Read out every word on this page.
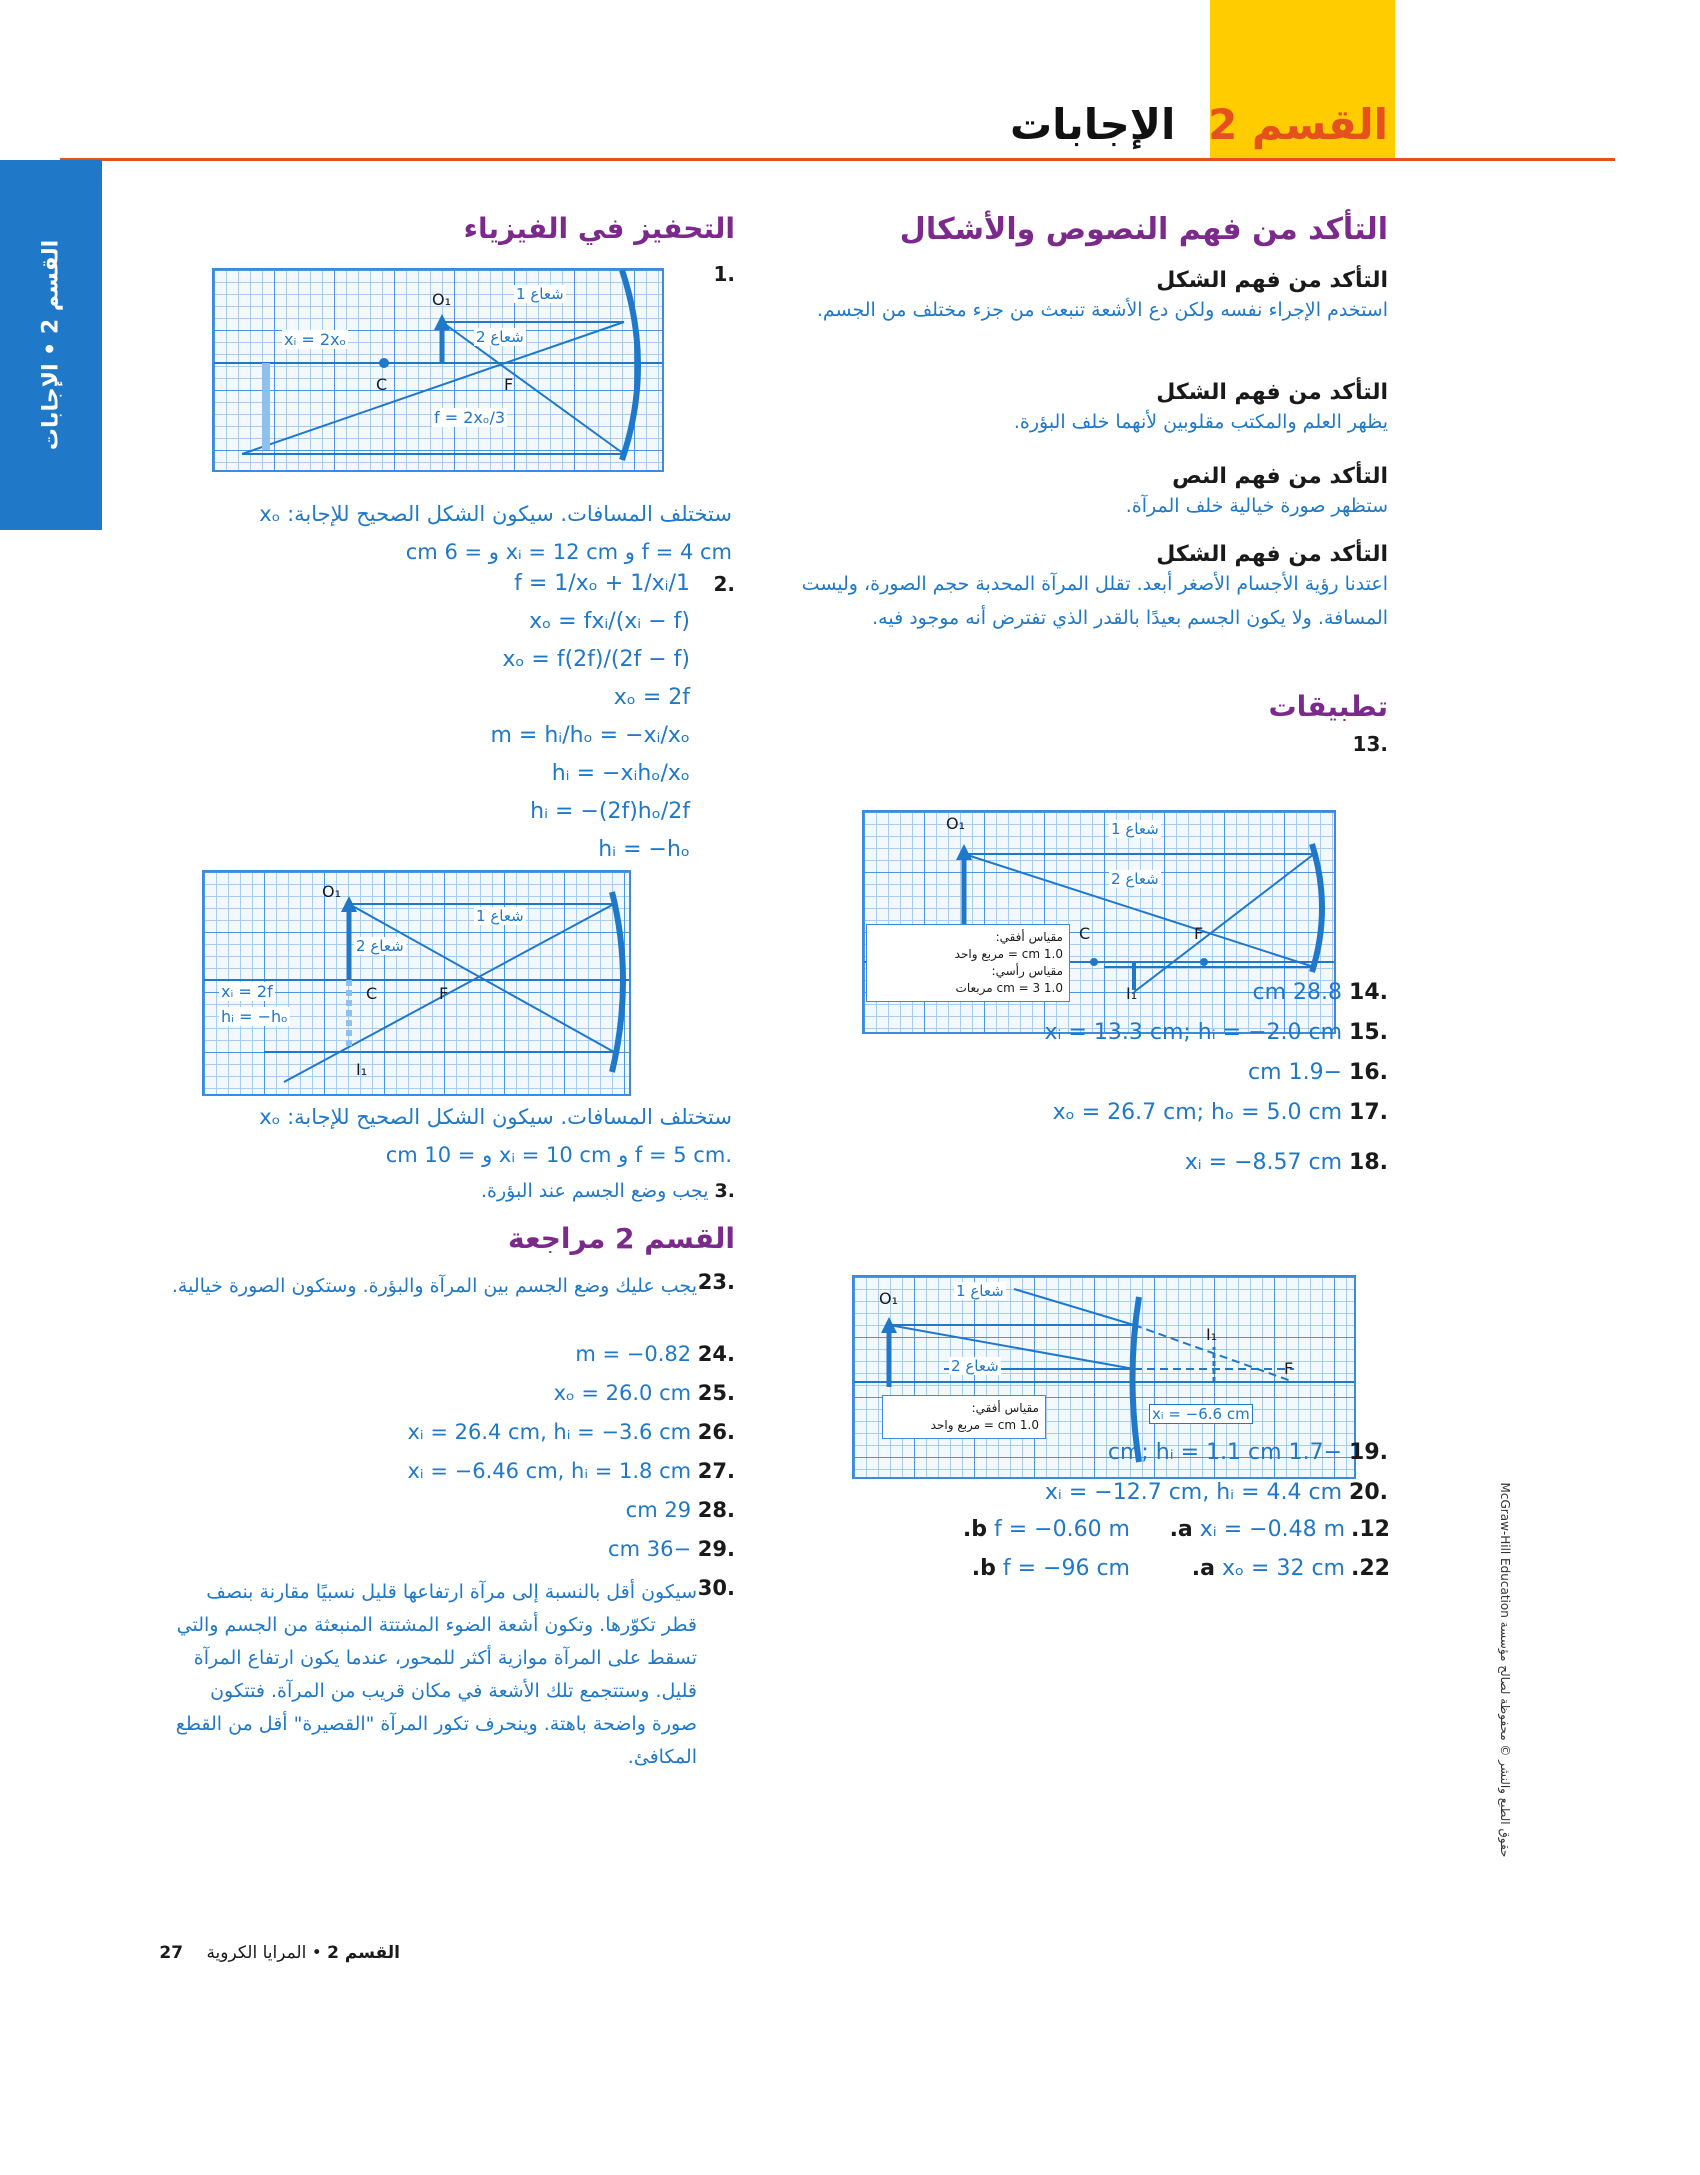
القسم 2 الإجابات
القسم 2 • الإجابات
التأكد من فهم النصوص والأشكال
التأكد من فهم الشكل
استخدم الإجراء نفسه ولكن دع الأشعة تنبعث من جزء مختلف من الجسم.
التأكد من فهم الشكل
يظهر العلم والمكتب مقلوبين لأنهما خلف البؤرة.
التأكد من فهم النص
ستظهر صورة خيالية خلف المرآة.
التأكد من فهم الشكل
اعتدنا رؤية الأجسام الأصغر أبعد. تقلل المرآة المحدبة حجم الصورة، وليست المسافة. ولا يكون الجسم بعيدًا بالقدر الذي تفترض أنه موجود فيه.
تطبيقات
.13
O₁	شعاع 1
شعاع 2
C	F
I₁
مقياس أفقي:
1.0 cm = مربع واحد
مقياس رأسي:
1.0 cm = 3 مربعات	.14 28.8 cm
.15 xᵢ = 13.3 cm; hᵢ = −2.0 cm
.16 −1.9 cm
.17 xₒ = 26.7 cm; hₒ = 5.0 cm
.18 xᵢ = −8.57 cm
O₁	شعاع 1
شعاع 2
I₁
F
مقياس أفقي:
1.0 cm = مربع واحد
xᵢ = −6.6 cm
.19 −1.7 cm; hᵢ = 1.1 cm
.20 xᵢ = −12.7 cm, hᵢ = 4.4 cm
.12
.a xᵢ = −0.48 m
.b f = −0.60 m
.22
.a xₒ = 32 cm
.b f = −96 cm
التحفيز في الفيزياء
.1
O₁	شعاع 1
شعاع 2
C	F
xᵢ = 2xₒ
f = 2xₒ/3
ستختلف المسافات. سيكون الشكل الصحيح للإجابة: xₒ
f = 4 cm و xᵢ = 12 cm و = 6 cm
.2
1/f = 1/xₒ + 1/xᵢ
xₒ = fxᵢ/(xᵢ − f)
xₒ = f(2f)/(2f − f)
xₒ = 2f
m = hᵢ/hₒ = −xᵢ/xₒ
hᵢ = −xᵢhₒ/xₒ
hᵢ = −(2f)hₒ/2f
hᵢ = −hₒ
O₁
شعاع 1
شعاع 2
C	F
I₁
xᵢ = 2f
hᵢ = −hₒ
ستختلف المسافات. سيكون الشكل الصحيح للإجابة: xₒ
.f = 5 cm و xᵢ = 10 cm و = 10 cm
.3 يجب وضع الجسم عند البؤرة.
القسم 2 مراجعة
.23
يجب عليك وضع الجسم بين المرآة والبؤرة. وستكون الصورة خيالية.
.24 m = −0.82
.25 xₒ = 26.0 cm
.26 xᵢ = 26.4 cm, hᵢ = −3.6 cm
.27 xᵢ = −6.46 cm, hᵢ = 1.8 cm
.28 29 cm
.29 −36 cm
.30
سيكون أقل بالنسبة إلى مرآة ارتفاعها قليل نسبيًا مقارنة بنصف قطر تكوّرها. وتكون أشعة الضوء المشتتة المنبعثة من الجسم والتي تسقط على المرآة موازية أكثر للمحور، عندما يكون ارتفاع المرآة قليل. وستتجمع تلك الأشعة في مكان قريب من المرآة. فتتكون صورة واضحة باهتة. وينحرف تكور المرآة "القصيرة" أقل من القطع المكافئ.
القسم 2 • المرايا الكروية 27
حقوق الطبع والنشر © محفوظة لصالح مؤسسة McGraw-Hill Education
